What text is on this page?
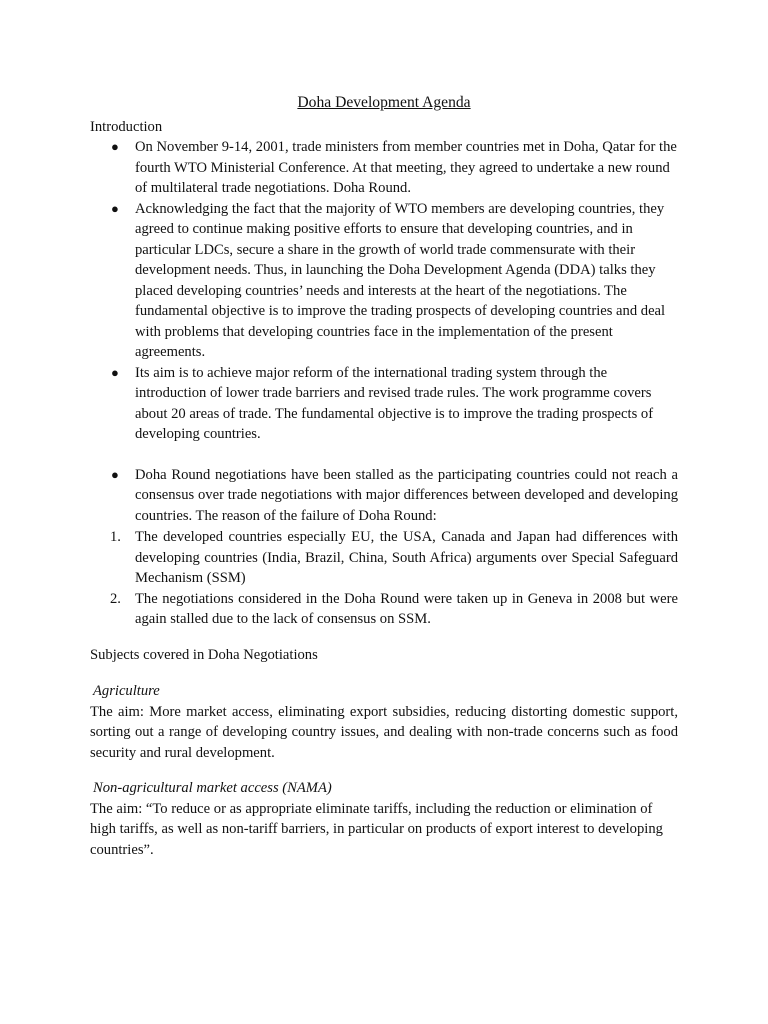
Doha Development Agenda
Introduction
● On November 9-14, 2001, trade ministers from member countries met in Doha, Qatar for the fourth WTO Ministerial Conference. At that meeting, they agreed to undertake a new round of multilateral trade negotiations. Doha Round.
● Acknowledging the fact that the majority of WTO members are developing countries, they agreed to continue making positive efforts to ensure that developing countries, and in particular LDCs, secure a share in the growth of world trade commensurate with their development needs. Thus, in launching the Doha Development Agenda (DDA) talks they placed developing countries’ needs and interests at the heart of the negotiations. The fundamental objective is to improve the trading prospects of developing countries and deal with problems that developing countries face in the implementation of the present agreements.
● Its aim is to achieve major reform of the international trading system through the introduction of lower trade barriers and revised trade rules. The work programme covers about 20 areas of trade. The fundamental objective is to improve the trading prospects of developing countries.
● Doha Round negotiations have been stalled as the participating countries could not reach a consensus over trade negotiations with major differences between developed and developing countries. The reason of the failure of Doha Round:
1. The developed countries especially EU, the USA, Canada and Japan had differences with developing countries (India, Brazil, China, South Africa) arguments over Special Safeguard Mechanism (SSM)
2. The negotiations considered in the Doha Round were taken up in Geneva in 2008 but were again stalled due to the lack of consensus on SSM.
Subjects covered in Doha Negotiations
Agriculture
The aim: More market access, eliminating export subsidies, reducing distorting domestic support, sorting out a range of developing country issues, and dealing with non-trade concerns such as food security and rural development.
Non-agricultural market access (NAMA)
The aim: “To reduce or as appropriate eliminate tariffs, including the reduction or elimination of high tariffs, as well as non-tariff barriers, in particular on products of export interest to developing countries”.
